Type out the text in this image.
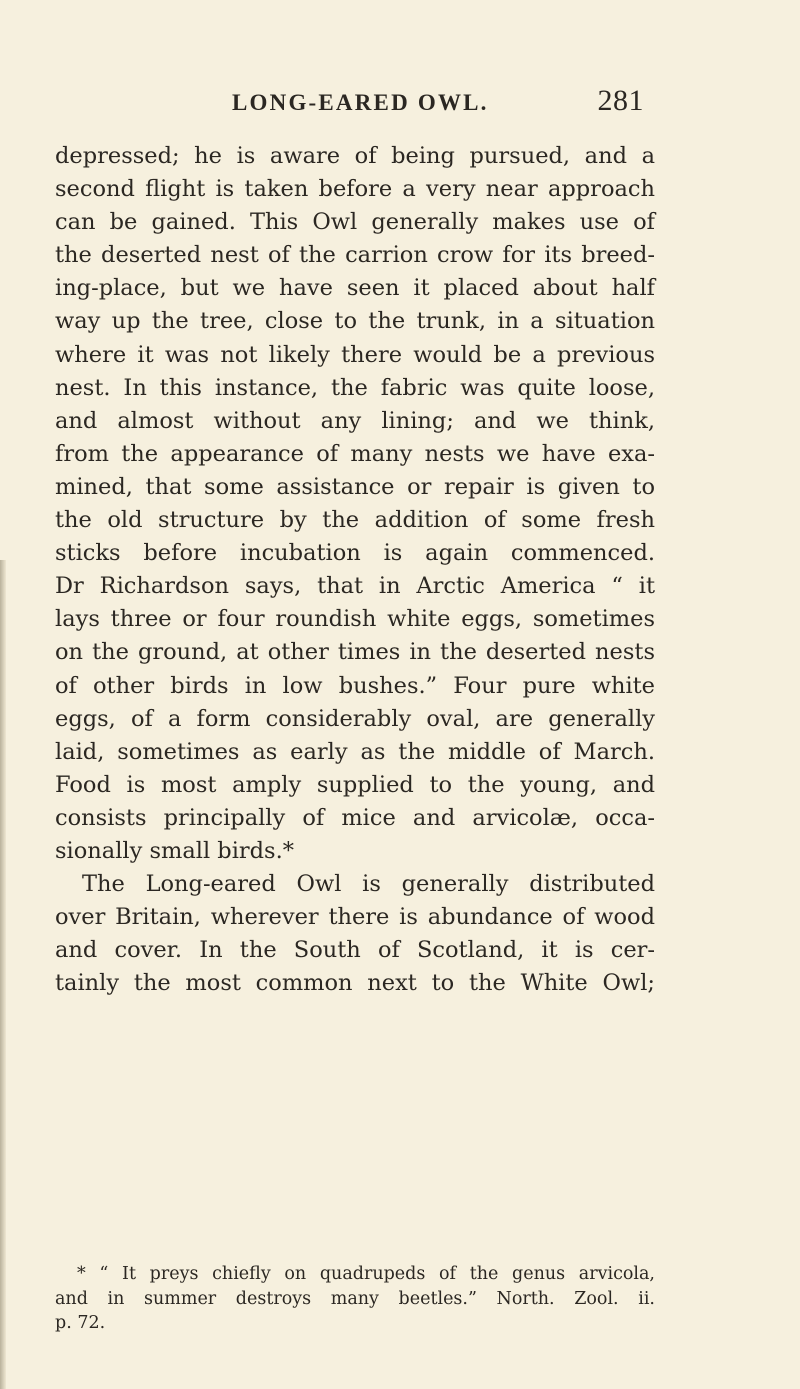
LONG-EARED OWL.	281
depressed; he is aware of being pursued, and a
second flight is taken before a very near approach
can be gained. This Owl generally makes use of
the deserted nest of the carrion crow for its breed-
ing-place, but we have seen it placed about half
way up the tree, close to the trunk, in a situation
where it was not likely there would be a previous
nest. In this instance, the fabric was quite loose,
and almost without any lining; and we think,
from the appearance of many nests we have exa-
mined, that some assistance or repair is given to
the old structure by the addition of some fresh
sticks before incubation is again commenced.
Dr Richardson says, that in Arctic America “ it
lays three or four roundish white eggs, sometimes
on the ground, at other times in the deserted nests
of other birds in low bushes.” Four pure white
eggs, of a form considerably oval, are generally
laid, sometimes as early as the middle of March.
Food is most amply supplied to the young, and
consists principally of mice and arvicolæ, occa-
sionally small birds.*
The Long-eared Owl is generally distributed
over Britain, wherever there is abundance of wood
and cover. In the South of Scotland, it is cer-
tainly the most common next to the White Owl;
* “ It preys chiefly on quadrupeds of the genus arvicola,
and in summer destroys many beetles.” North. Zool. ii.
p. 72.
